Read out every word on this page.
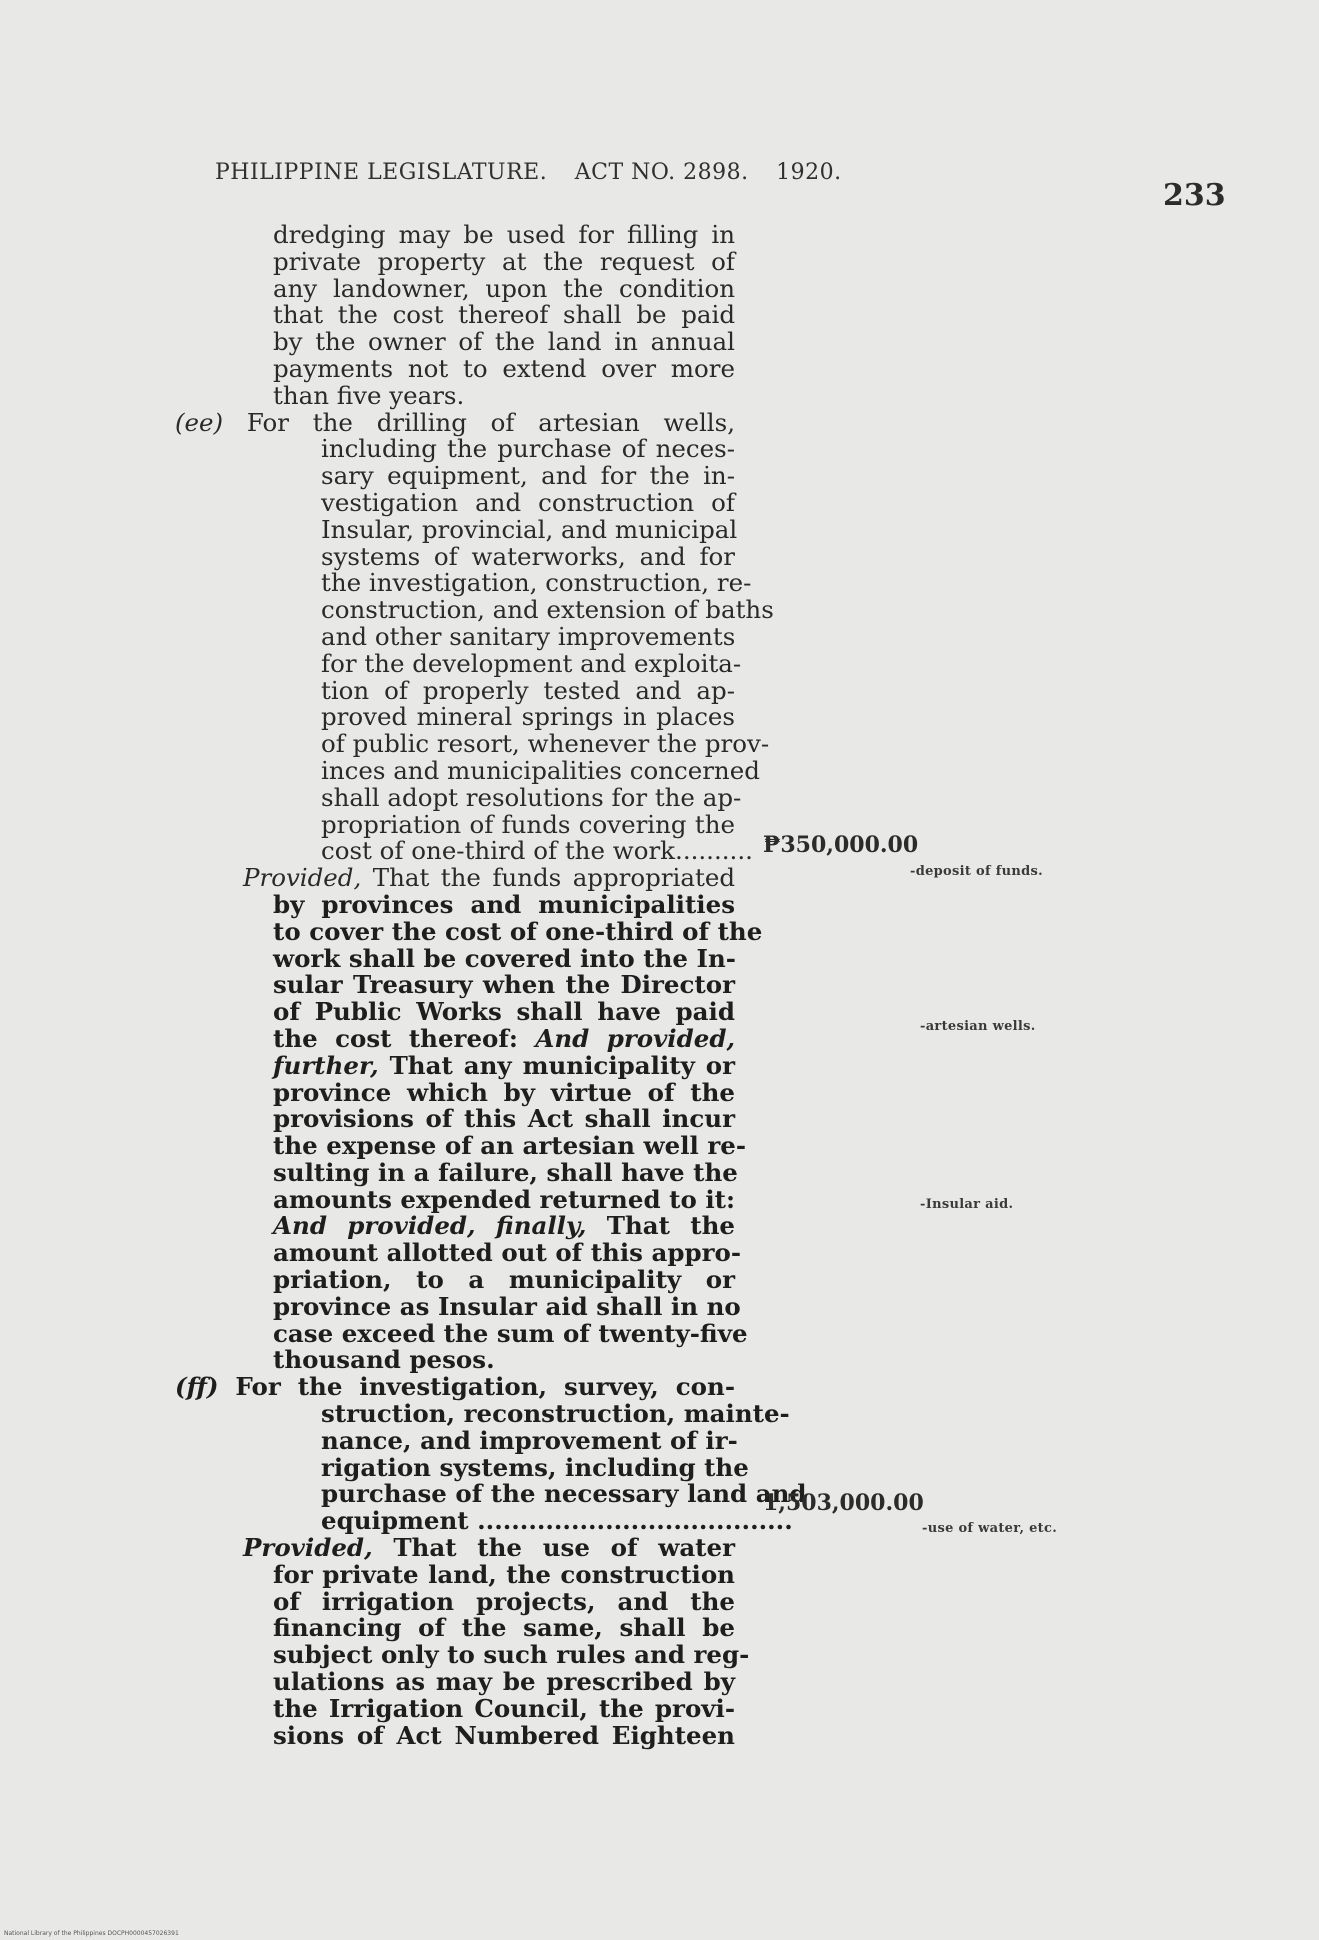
PHILIPPINE LEGISLATURE. ACT NO. 2898. 1920.
233
dredging may be used for filling in
private property at the request of
any landowner, upon the condition
that the cost thereof shall be paid
by the owner of the land in annual
payments not to extend over more
than five years.
(ee) For the drilling of artesian wells,
including the purchase of neces-
sary equipment, and for the in-
vestigation and construction of
Insular, provincial, and municipal
systems of waterworks, and for
the investigation, construction, re-
construction, and extension of baths
and other sanitary improvements
for the development and exploita-
tion of properly tested and ap-
proved mineral springs in places
of public resort, whenever the prov-
inces and municipalities concerned
shall adopt resolutions for the ap-
propriation of funds covering the
cost of one-third of the work..........
Provided, That the funds appropriated
by provinces and municipalities
to cover the cost of one-third of the
work shall be covered into the In-
sular Treasury when the Director
of Public Works shall have paid
the cost thereof: And provided,
further, That any municipality or
province which by virtue of the
provisions of this Act shall incur
the expense of an artesian well re-
sulting in a failure, shall have the
amounts expended returned to it:
And provided, finally, That the
amount allotted out of this appro-
priation, to a municipality or
province as Insular aid shall in no
case exceed the sum of twenty-five
thousand pesos.
(ff) For the investigation, survey, con-
struction, reconstruction, mainte-
nance, and improvement of ir-
rigation systems, including the
purchase of the necessary land and
equipment .....................................
Provided, That the use of water
for private land, the construction
of irrigation projects, and the
financing of the same, shall be
subject only to such rules and reg-
ulations as may be prescribed by
the Irrigation Council, the provi-
sions of Act Numbered Eighteen
₱350,000.00
1,503,000.00
-deposit of funds.
-artesian wells.
-Insular aid.
-use of water, etc.
National Library of the Philippines DOCPH0000457026391
